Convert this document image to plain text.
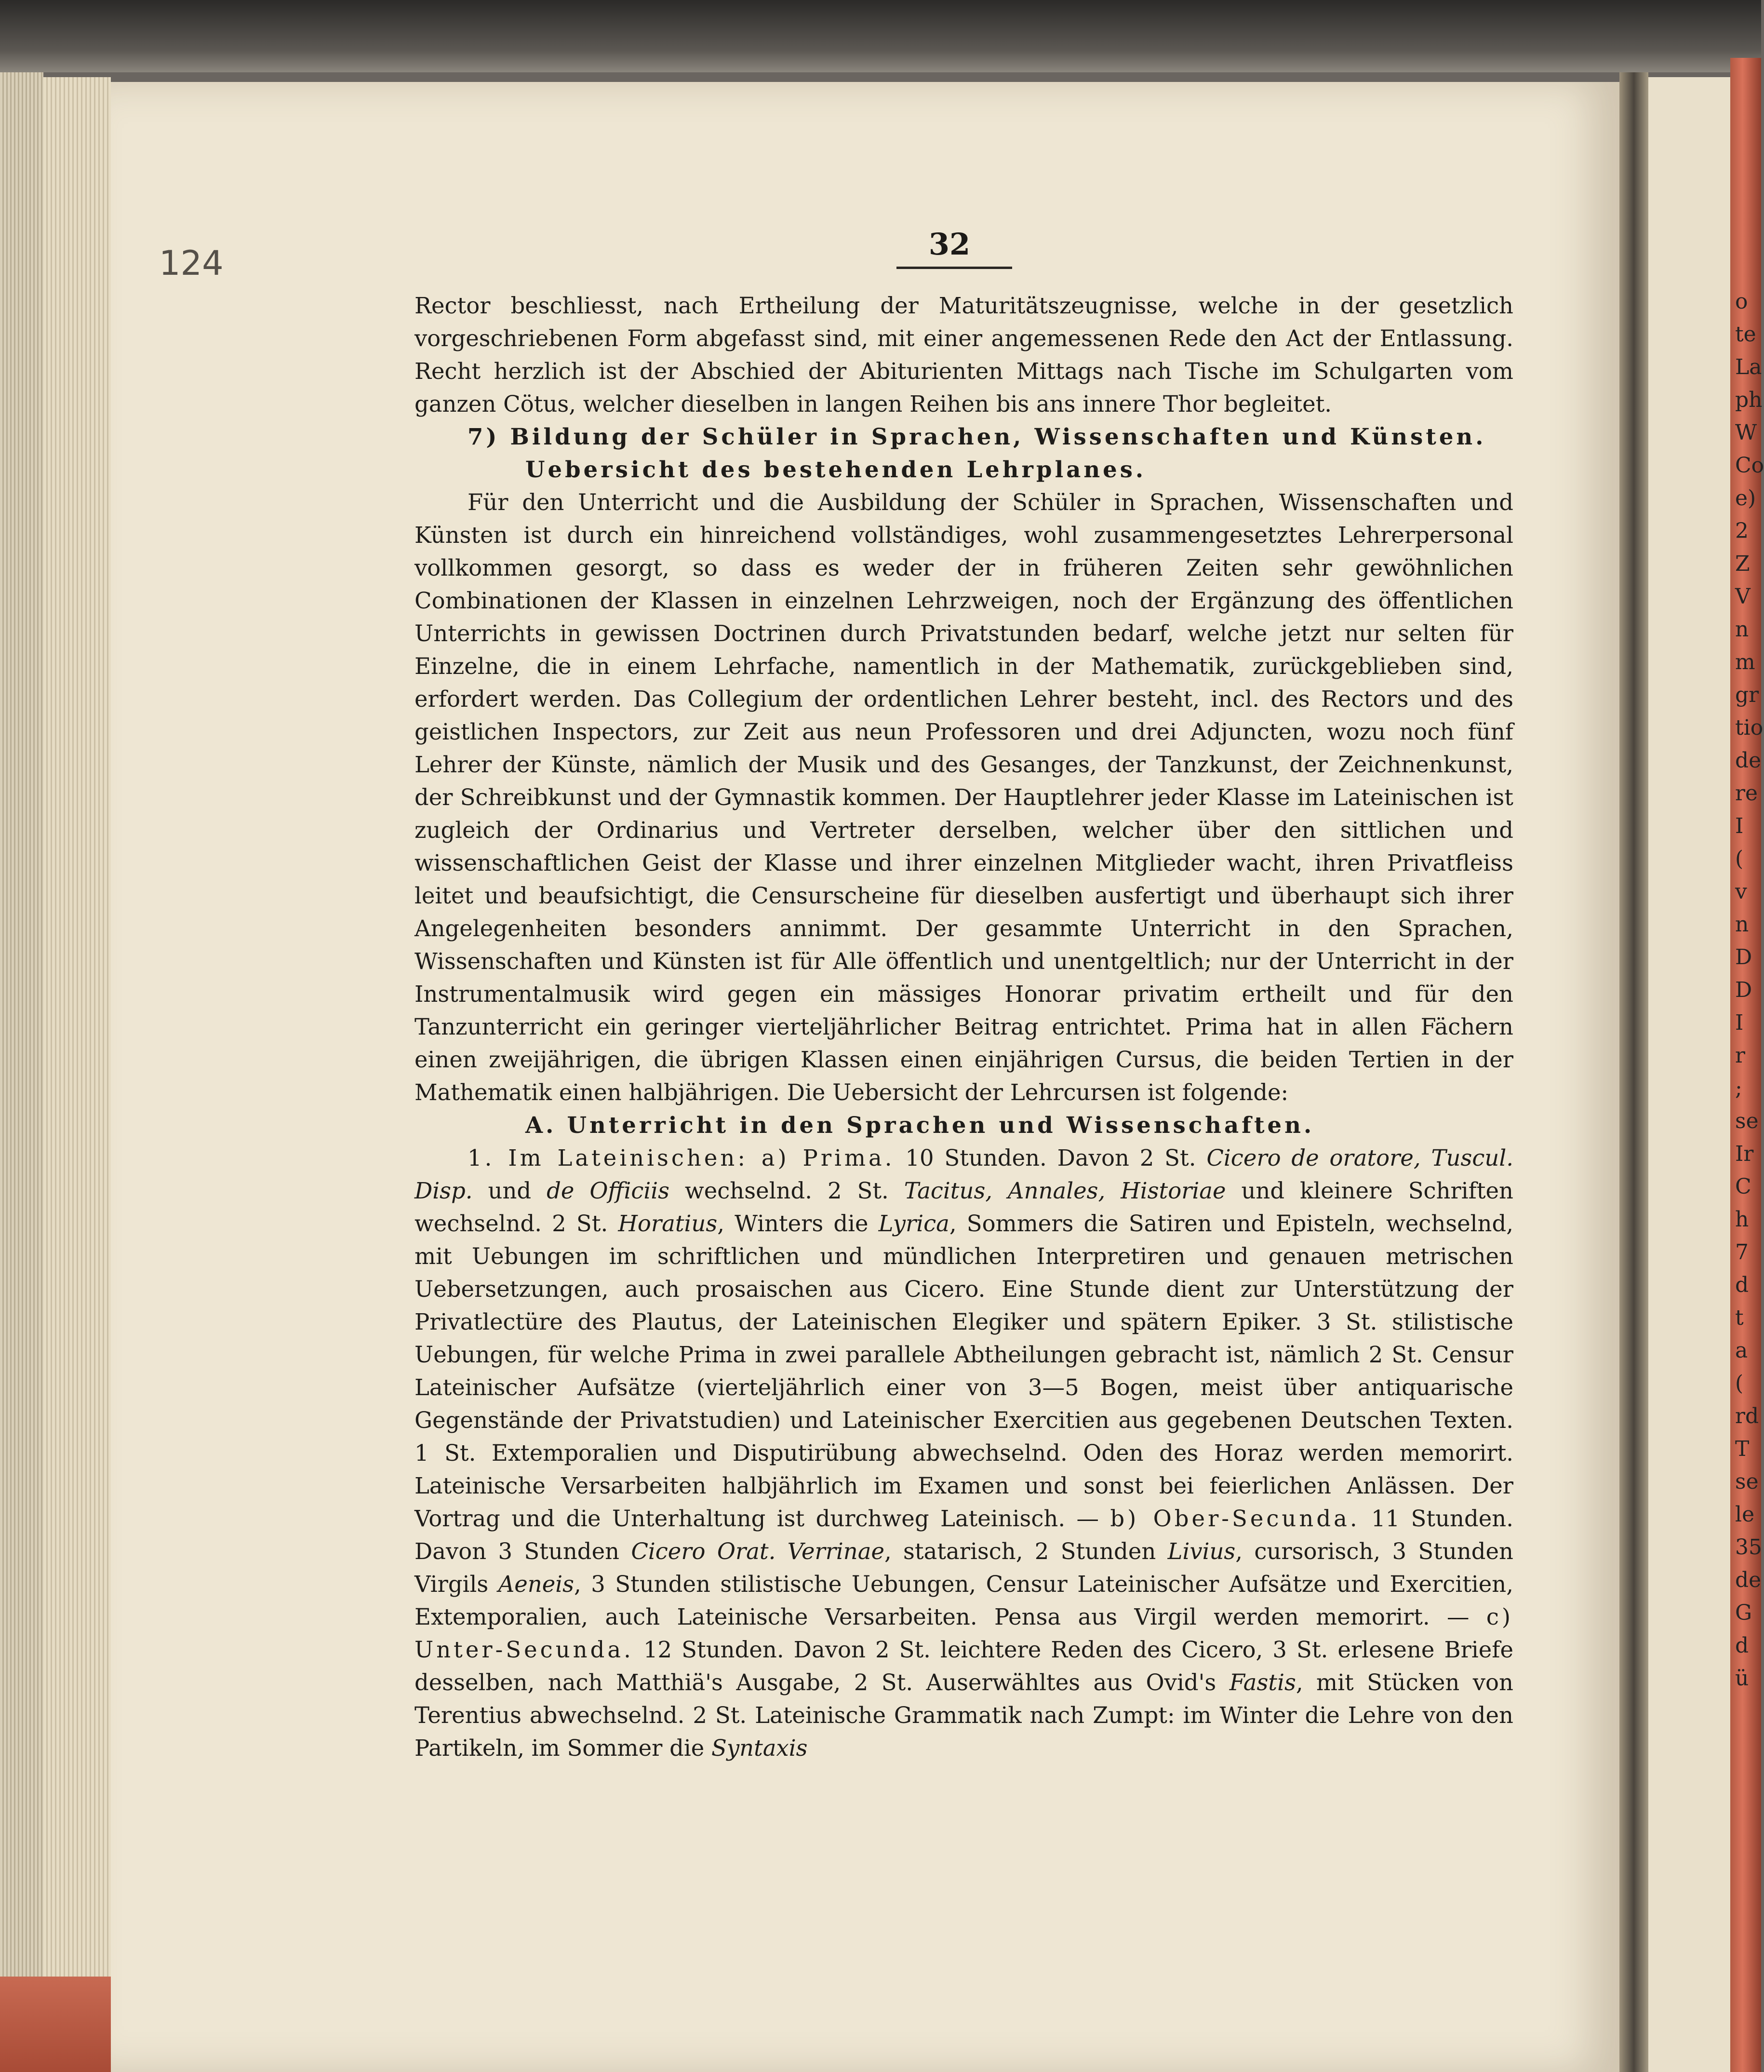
124	32

Rector beschliesst, nach Ertheilung der Maturitätszeugnisse, welche in der gesetzlich vorgeschriebenen Form abgefasst sind, mit einer angemessenen Rede den Act der Entlassung. Recht herzlich ist der Abschied der Abiturienten Mittags nach Tische im Schulgarten vom ganzen Cötus, welcher dieselben in langen Reihen bis ans innere Thor begleitet.

7) Bildung der Schüler in Sprachen, Wissenschaften und Künsten.

Uebersicht des bestehenden Lehrplanes.

Für den Unterricht und die Ausbildung der Schüler in Sprachen, Wissenschaften und Künsten ist durch ein hinreichend vollständiges, wohl zusammengesetztes Lehrerpersonal vollkommen gesorgt, so dass es weder der in früheren Zeiten sehr gewöhnlichen Combinationen der Klassen in einzelnen Lehrzweigen, noch der Ergänzung des öffentlichen Unterrichts in gewissen Doctrinen durch Privatstunden bedarf, welche jetzt nur selten für Einzelne, die in einem Lehrfache, namentlich in der Mathematik, zurückgeblieben sind, erfordert werden. Das Collegium der ordentlichen Lehrer besteht, incl. des Rectors und des geistlichen Inspectors, zur Zeit aus neun Professoren und drei Adjuncten, wozu noch fünf Lehrer der Künste, nämlich der Musik und des Gesanges, der Tanzkunst, der Zeichnenkunst, der Schreibkunst und der Gymnastik kommen. Der Hauptlehrer jeder Klasse im Lateinischen ist zugleich der Ordinarius und Vertreter derselben, welcher über den sittlichen und wissenschaftlichen Geist der Klasse und ihrer einzelnen Mitglieder wacht, ihren Privatfleiss leitet und beaufsichtigt, die Censurscheine für dieselben ausfertigt und überhaupt sich ihrer Angelegenheiten besonders annimmt. Der gesammte Unterricht in den Sprachen, Wissenschaften und Künsten ist für Alle öffentlich und unentgeltlich; nur der Unterricht in der Instrumentalmusik wird gegen ein mässiges Honorar privatim ertheilt und für den Tanzunterricht ein geringer vierteljährlicher Beitrag entrichtet. Prima hat in allen Fächern einen zweijährigen, die übrigen Klassen einen einjährigen Cursus, die beiden Tertien in der Mathematik einen halbjährigen. Die Uebersicht der Lehrcursen ist folgende:

A. Unterricht in den Sprachen und Wissenschaften.

1. Im Lateinischen: a) Prima. 10 Stunden. Davon 2 St. Cicero de oratore, Tuscul. Disp. und de Officiis wechselnd. 2 St. Tacitus, Annales, Historiae und kleinere Schriften wechselnd. 2 St. Horatius, Winters die Lyrica, Sommers die Satiren und Episteln, wechselnd, mit Uebungen im schriftlichen und mündlichen Interpretiren und genauen metrischen Uebersetzungen, auch prosaischen aus Cicero. Eine Stunde dient zur Unterstützung der Privatlectüre des Plautus, der Lateinischen Elegiker und spätern Epiker. 3 St. stilistische Uebungen, für welche Prima in zwei parallele Abtheilungen gebracht ist, nämlich 2 St. Censur Lateinischer Aufsätze (vierteljährlich einer von 3—5 Bogen, meist über antiquarische Gegenstände der Privatstudien) und Lateinischer Exercitien aus gegebenen Deutschen Texten. 1 St. Extemporalien und Disputirübung abwechselnd. Oden des Horaz werden memorirt. Lateinische Versarbeiten halbjährlich im Examen und sonst bei feierlichen Anlässen. Der Vortrag und die Unterhaltung ist durchweg Lateinisch. — b) Ober-Secunda. 11 Stunden. Davon 3 Stunden Cicero Orat. Verrinae, statarisch, 2 Stunden Livius, cursorisch, 3 Stunden Virgils Aeneis, 3 Stunden stilistische Uebungen, Censur Lateinischer Aufsätze und Exercitien, Extemporalien, auch Lateinische Versarbeiten. Pensa aus Virgil werden memorirt. — c) Unter-Secunda. 12 Stunden. Davon 2 St. leichtere Reden des Cicero, 3 St. erlesene Briefe desselben, nach Matthiä's Ausgabe, 2 St. Auserwähltes aus Ovid's Fastis, mit Stücken von Terentius abwechselnd. 2 St. Lateinische Grammatik nach Zumpt: im Winter die Lehre von den Partikeln, im Sommer die Syntaxis

o
te
La
ph
W
Co
e)
2
Z
V
n
m
gr
tio
de
re
I
(
v
n
D
D
I
r
;
se
Ir
C
h
7
d
t
a
(
rd
T
se
le
35
de
G
d
ü
